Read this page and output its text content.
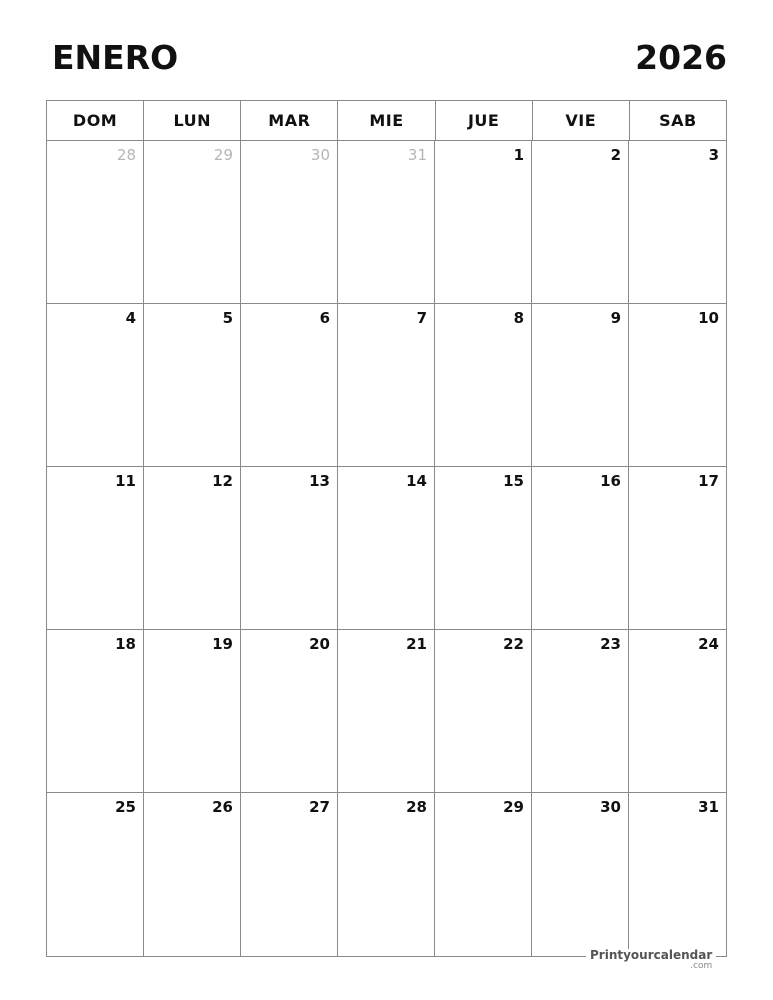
ENERO	2026
DOM	LUN	MAR	MIE	JUE	VIE	SAB
28	29	30	31	1	2	3
4	5	6	7	8	9	10
11	12	13	14	15	16	17
18	19	20	21	22	23	24
25	26	27	28	29	30	31
Printyourcalendar
.com
